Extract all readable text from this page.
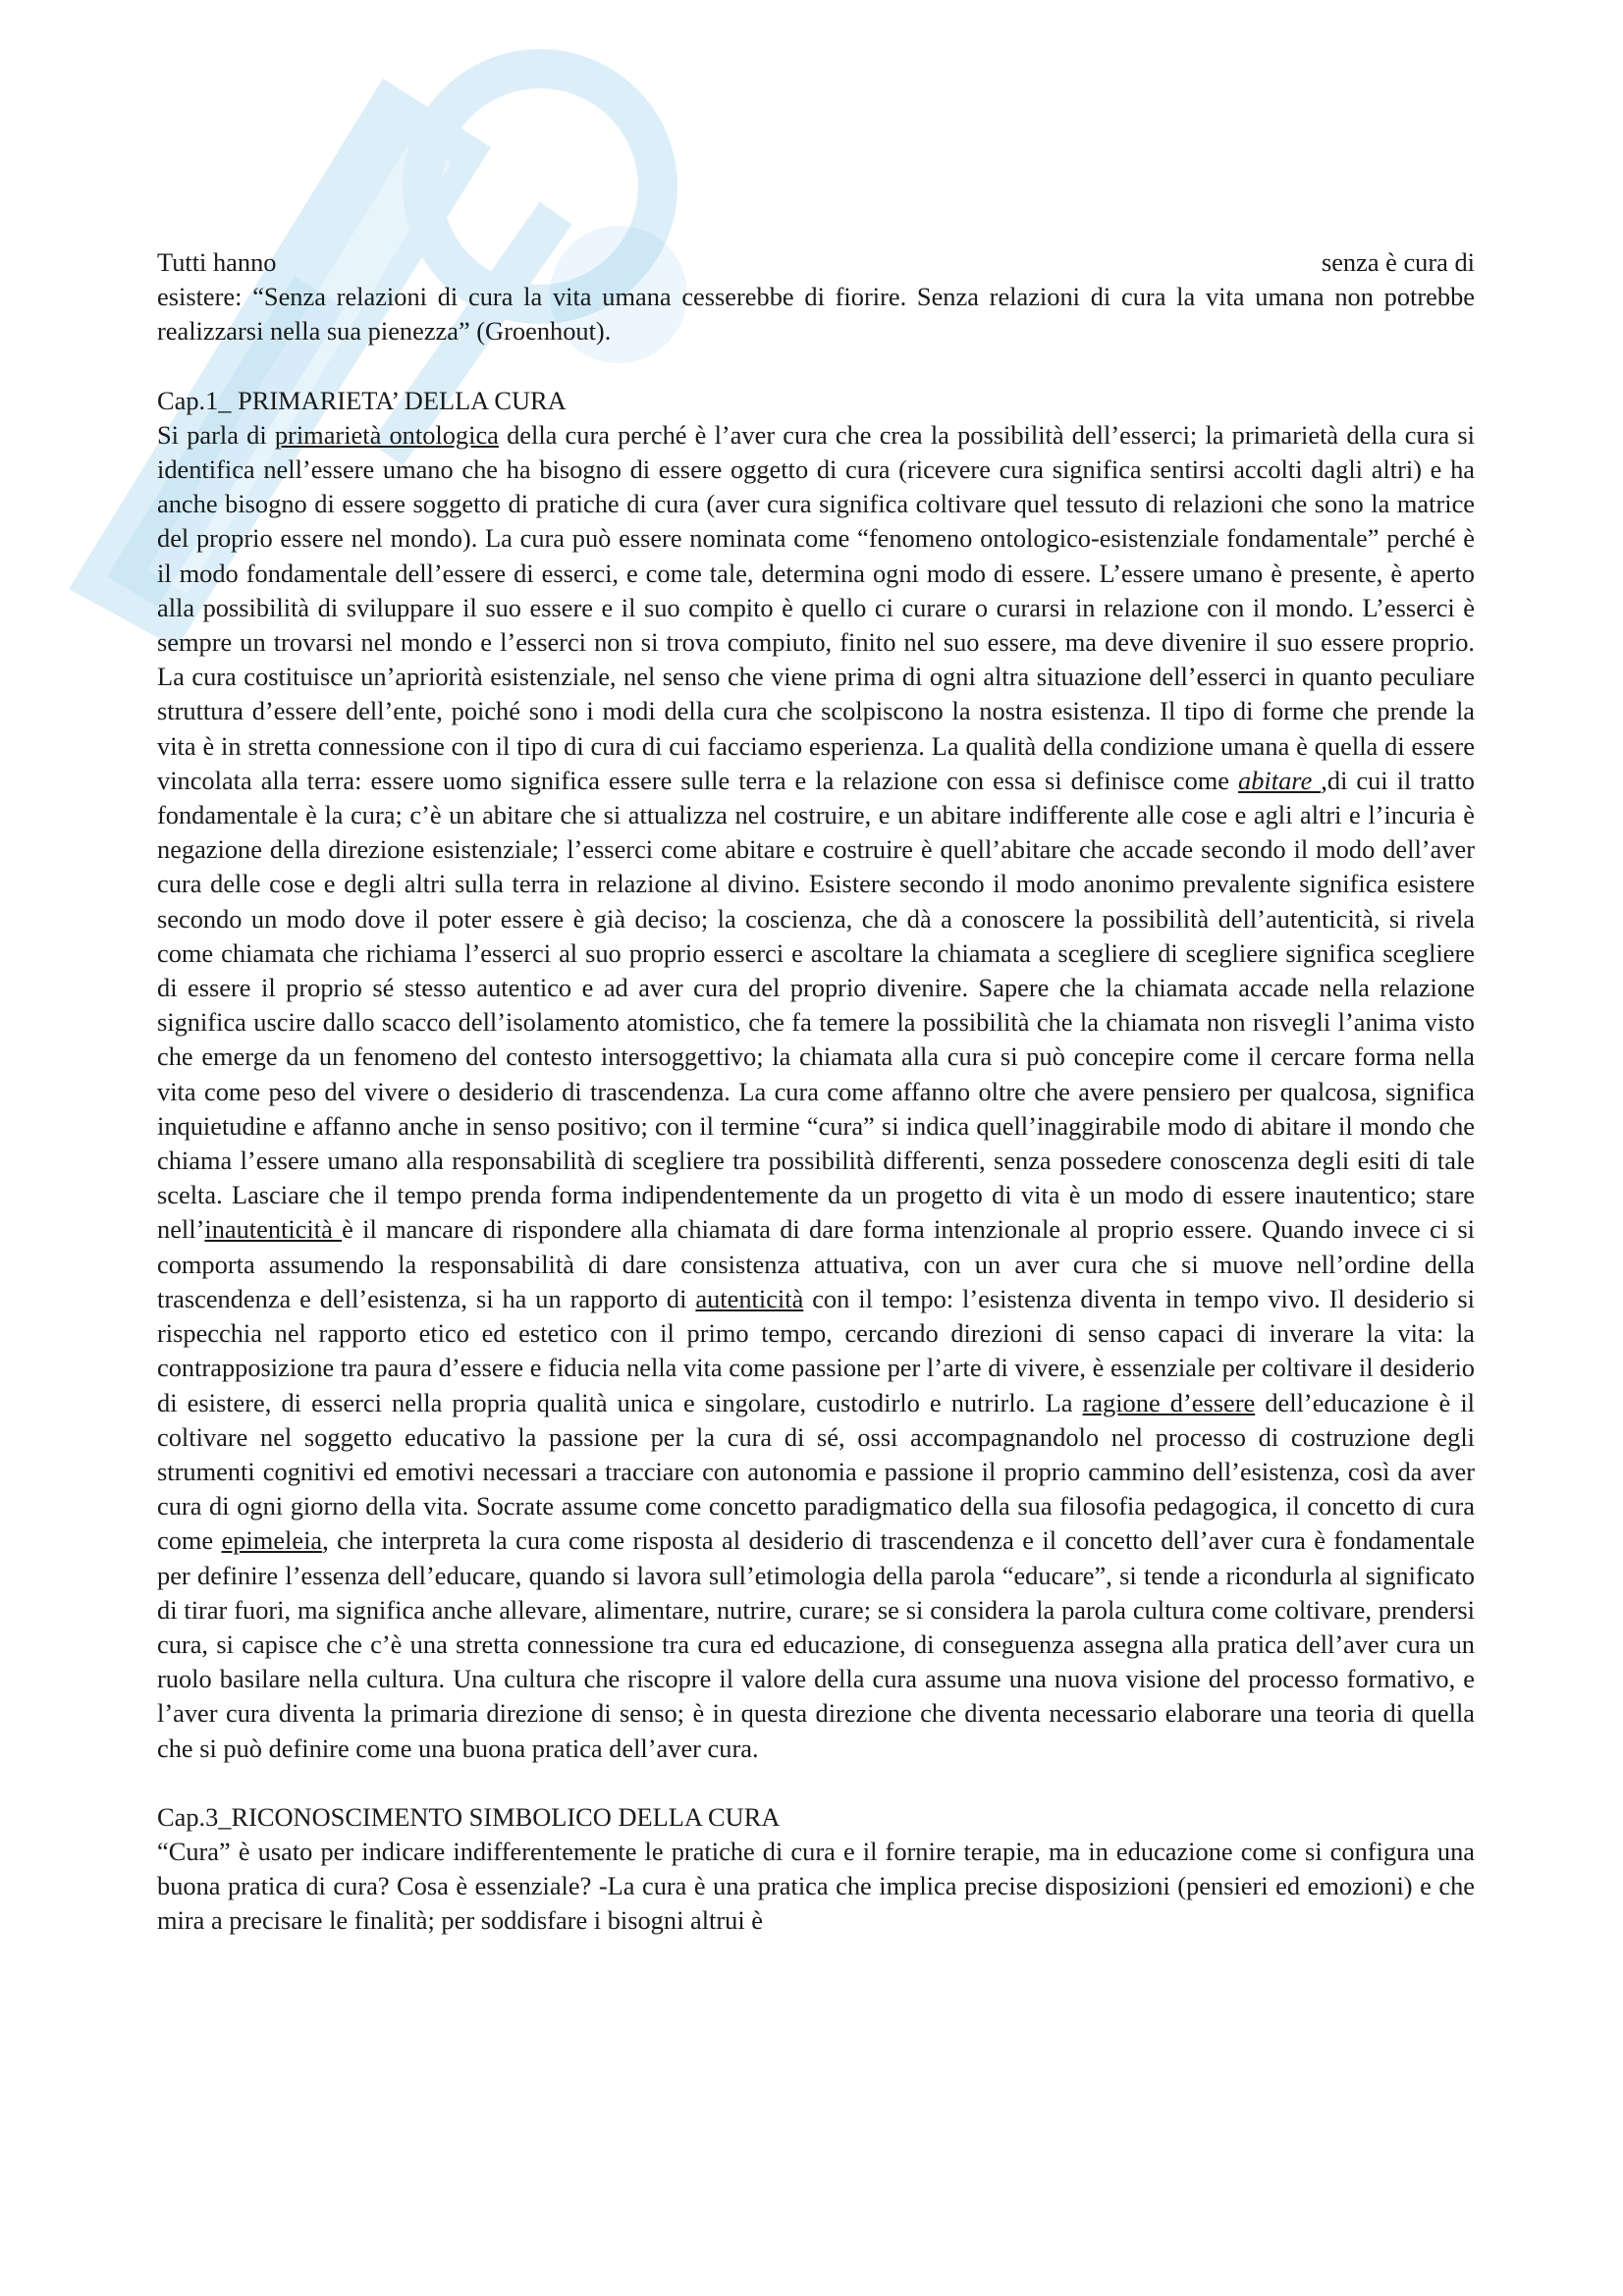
Tutti hanno	senza è cura di

esistere: “Senza relazioni di cura la vita umana cesserebbe di fiorire. Senza relazioni di cura la vita umana non potrebbe realizzarsi nella sua pienezza” (Groenhout).

Cap.1_ PRIMARIETA’ DELLA CURA

Si parla di primarietà ontologica della cura perché è l’aver cura che crea la possibilità dell’esserci; la primarietà della cura si identifica nell’essere umano che ha bisogno di essere oggetto di cura (ricevere cura significa sentirsi accolti dagli altri) e ha anche bisogno di essere soggetto di pratiche di cura (aver cura significa coltivare quel tessuto di relazioni che sono la matrice del proprio essere nel mondo). La cura può essere nominata come “fenomeno ontologico-esistenziale fondamentale” perché è il modo fondamentale dell’essere di esserci, e come tale, determina ogni modo di essere. L’essere umano è presente, è aperto alla possibilità di sviluppare il suo essere e il suo compito è quello ci curare o curarsi in relazione con il mondo. L’esserci è sempre un trovarsi nel mondo e l’esserci non si trova compiuto, finito nel suo essere, ma deve divenire il suo essere proprio. La cura costituisce un’apriorità esistenziale, nel senso che viene prima di ogni altra situazione dell’esserci in quanto peculiare struttura d’essere dell’ente, poiché sono i modi della cura che scolpiscono la nostra esistenza. Il tipo di forme che prende la vita è in stretta connessione con il tipo di cura di cui facciamo esperienza. La qualità della condizione umana è quella di essere vincolata alla terra: essere uomo significa essere sulle terra e la relazione con essa si definisce come abitare ,di cui il tratto fondamentale è la cura; c’è un abitare che si attualizza nel costruire, e un abitare indifferente alle cose e agli altri e l’incuria è negazione della direzione esistenziale; l’esserci come abitare e costruire è quell’abitare che accade secondo il modo dell’aver cura delle cose e degli altri sulla terra in relazione al divino. Esistere secondo il modo anonimo prevalente significa esistere secondo un modo dove il poter essere è già deciso; la coscienza, che dà a conoscere la possibilità dell’autenticità, si rivela come chiamata che richiama l’esserci al suo proprio esserci e ascoltare la chiamata a scegliere di scegliere significa scegliere di essere il proprio sé stesso autentico e ad aver cura del proprio divenire. Sapere che la chiamata accade nella relazione significa uscire dallo scacco dell’isolamento atomistico, che fa temere la possibilità che la chiamata non risvegli l’anima visto che emerge da un fenomeno del contesto intersoggettivo; la chiamata alla cura si può concepire come il cercare forma nella vita come peso del vivere o desiderio di trascendenza. La cura come affanno oltre che avere pensiero per qualcosa, significa inquietudine e affanno anche in senso positivo; con il termine “cura” si indica quell’inaggirabile modo di abitare il mondo che chiama l’essere umano alla responsabilità di scegliere tra possibilità differenti, senza possedere conoscenza degli esiti di tale scelta. Lasciare che il tempo prenda forma indipendentemente da un progetto di vita è un modo di essere inautentico; stare nell’inautenticità è il mancare di rispondere alla chiamata di dare forma intenzionale al proprio essere. Quando invece ci si comporta assumendo la responsabilità di dare consistenza attuativa, con un aver cura che si muove nell’ordine della trascendenza e dell’esistenza, si ha un rapporto di autenticità con il tempo: l’esistenza diventa in tempo vivo. Il desiderio si rispecchia nel rapporto etico ed estetico con il primo tempo, cercando direzioni di senso capaci di inverare la vita: la contrapposizione tra paura d’essere e fiducia nella vita come passione per l’arte di vivere, è essenziale per coltivare il desiderio di esistere, di esserci nella propria qualità unica e singolare, custodirlo e nutrirlo. La ragione d’essere dell’educazione è il coltivare nel soggetto educativo la passione per la cura di sé, ossi accompagnandolo nel processo di costruzione degli strumenti cognitivi ed emotivi necessari a tracciare con autonomia e passione il proprio cammino dell’esistenza, così da aver cura di ogni giorno della vita. Socrate assume come concetto paradigmatico della sua filosofia pedagogica, il concetto di cura come epimeleia, che interpreta la cura come risposta al desiderio di trascendenza e il concetto dell’aver cura è fondamentale per definire l’essenza dell’educare, quando si lavora sull’etimologia della parola “educare”, si tende a ricondurla al significato di tirar fuori, ma significa anche allevare, alimentare, nutrire, curare; se si considera la parola cultura come coltivare, prendersi cura, si capisce che c’è una stretta connessione tra cura ed educazione, di conseguenza assegna alla pratica dell’aver cura un ruolo basilare nella cultura. Una cultura che riscopre il valore della cura assume una nuova visione del processo formativo, e l’aver cura diventa la primaria direzione di senso; è in questa direzione che diventa necessario elaborare una teoria di quella che si può definire come una buona pratica dell’aver cura.

Cap.3_RICONOSCIMENTO SIMBOLICO DELLA CURA

“Cura” è usato per indicare indifferentemente le pratiche di cura e il fornire terapie, ma in educazione come si configura una buona pratica di cura? Cosa è essenziale? -La cura è una pratica che implica precise disposizioni (pensieri ed emozioni) e che mira a precisare le finalità; per soddisfare i bisogni altrui è
